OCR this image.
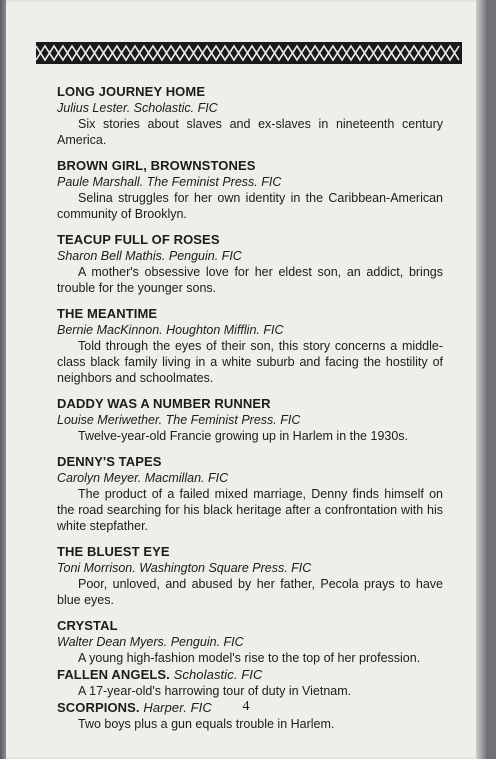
LONG JOURNEY HOME
Julius Lester. Scholastic. FIC
Six stories about slaves and ex-slaves in nineteenth century America.
BROWN GIRL, BROWNSTONES
Paule Marshall. The Feminist Press. FIC
Selina struggles for her own identity in the Caribbean-American community of Brooklyn.
TEACUP FULL OF ROSES
Sharon Bell Mathis. Penguin. FIC
A mother's obsessive love for her eldest son, an addict, brings trouble for the younger sons.
THE MEANTIME
Bernie MacKinnon. Houghton Mifflin. FIC
Told through the eyes of their son, this story concerns a middle-class black family living in a white suburb and facing the hostility of neighbors and schoolmates.
DADDY WAS A NUMBER RUNNER
Louise Meriwether. The Feminist Press. FIC
Twelve-year-old Francie growing up in Harlem in the 1930s.
DENNY'S TAPES
Carolyn Meyer. Macmillan. FIC
The product of a failed mixed marriage, Denny finds himself on the road searching for his black heritage after a confrontation with his white stepfather.
THE BLUEST EYE
Toni Morrison. Washington Square Press. FIC
Poor, unloved, and abused by her father, Pecola prays to have blue eyes.
CRYSTAL
Walter Dean Myers. Penguin. FIC
A young high-fashion model's rise to the top of her profession.
FALLEN ANGELS. Scholastic. FIC
A 17-year-old's harrowing tour of duty in Vietnam.
SCORPIONS. Harper. FIC
Two boys plus a gun equals trouble in Harlem.
4
